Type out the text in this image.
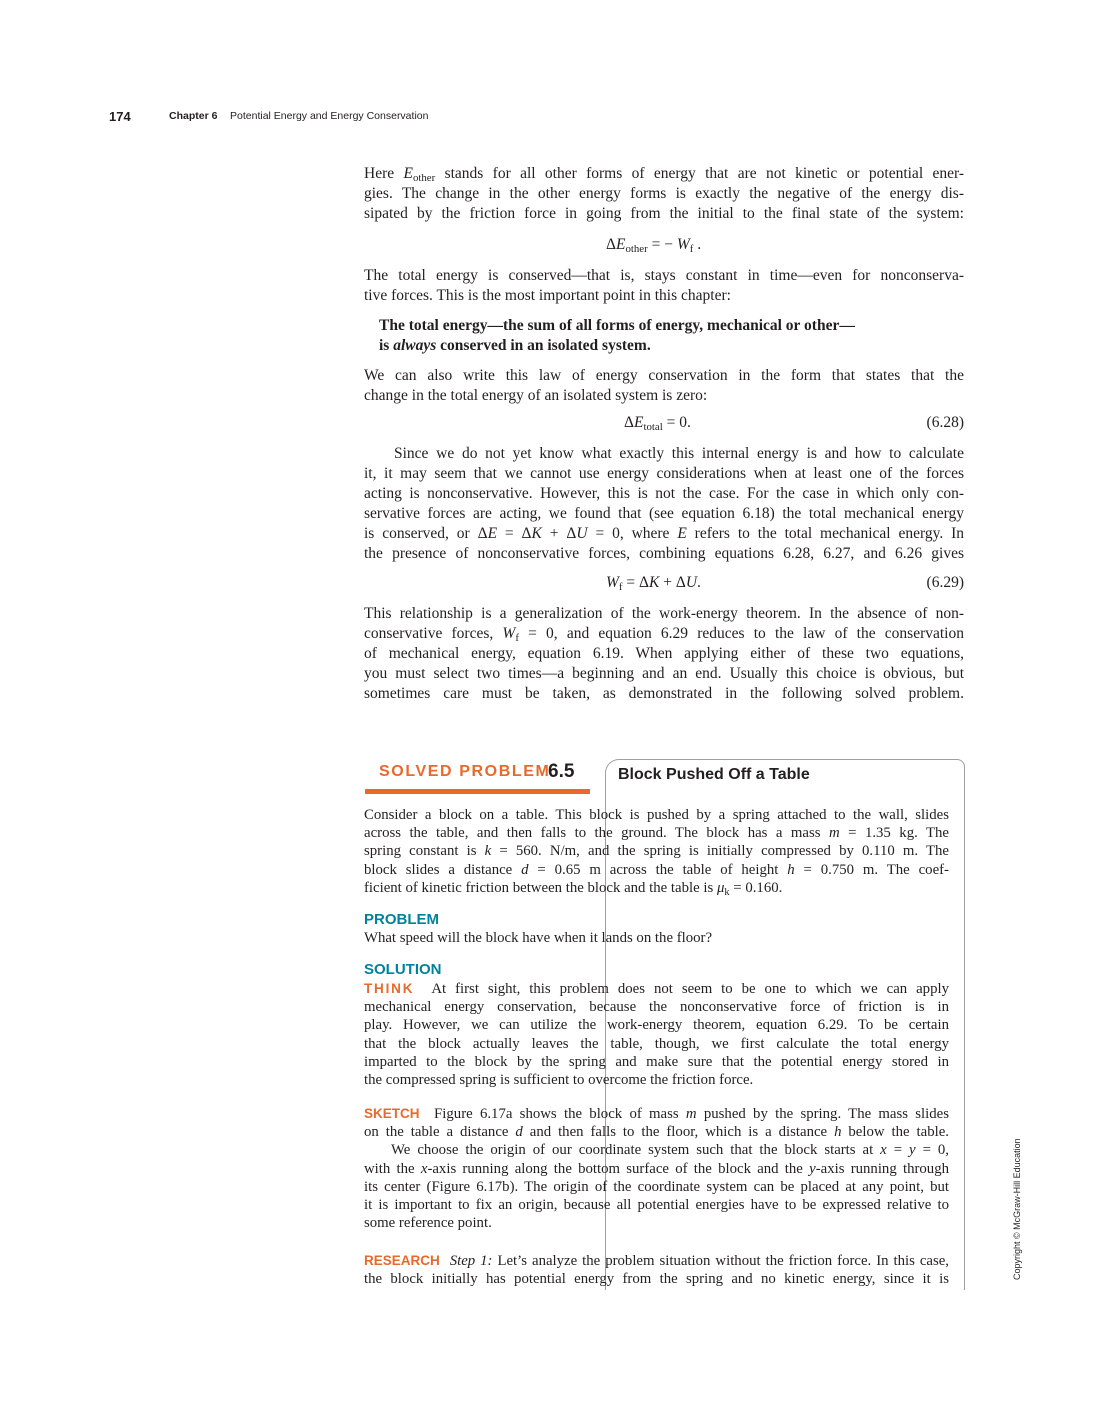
174	Chapter 6 Potential Energy and Energy Conservation
Here $E_{other}$ stands for all other forms of energy that are not kinetic or potential ener-
gies. The change in the other energy forms is exactly the negative of the energy dis-
sipated by the friction force in going from the initial to the final state of the system:
$\Delta E_{other}$ = − $W_f$ .
The total energy is conserved—that is, stays constant in time—even for nonconserva-
tive forces. This is the most important point in this chapter:
The total energy—the sum of all forms of energy, mechanical or other—
is always conserved in an isolated system.
We can also write this law of energy conservation in the form that states that the
change in the total energy of an isolated system is zero:
$\Delta E_{total} = 0$.	(6.28)
Since we do not yet know what exactly this internal energy is and how to calculate
it, it may seem that we cannot use energy considerations when at least one of the forces
acting is nonconservative. However, this is not the case. For the case in which only con-
servative forces are acting, we found that (see equation 6.18) the total mechanical energy
is conserved, or ΔE = ΔK + ΔU = 0, where E refers to the total mechanical energy. In
the presence of nonconservative forces, combining equations 6.28, 6.27, and 6.26 gives
$W_f = \Delta K + \Delta U$.	(6.29)
This relationship is a generalization of the work-energy theorem. In the absence of non-
conservative forces, $W_f = 0$, and equation 6.29 reduces to the law of the conservation
of mechanical energy, equation 6.19. When applying either of these two equations,
you must select two times—a beginning and an end. Usually this choice is obvious, but
sometimes care must be taken, as demonstrated in the following solved problem.
SOLVED PROBLEM
6.5	Block Pushed Off a Table
Consider a block on a table. This block is pushed by a spring attached to the wall, slides
across the table, and then falls to the ground. The block has a mass m = 1.35 kg. The
spring constant is k = 560. N/m, and the spring is initially compressed by 0.110 m. The
block slides a distance d = 0.65 m across the table of height h = 0.750 m. The coef-
ficient of kinetic friction between the block and the table is $\mu_k = 0.160$.
PROBLEM
What speed will the block have when it lands on the floor?
SOLUTION
THINK At first sight, this problem does not seem to be one to which we can apply
mechanical energy conservation, because the nonconservative force of friction is in
play. However, we can utilize the work-energy theorem, equation 6.29. To be certain
that the block actually leaves the table, though, we first calculate the total energy
imparted to the block by the spring and make sure that the potential energy stored in
the compressed spring is sufficient to overcome the friction force.
SKETCH  Figure 6.17a shows the block of mass m pushed by the spring. The mass slides
on the table a distance d and then falls to the floor, which is a distance h below the table.
We choose the origin of our coordinate system such that the block starts at x = y = 0,
with the x-axis running along the bottom surface of the block and the y-axis running through
its center (Figure 6.17b). The origin of the coordinate system can be placed at any point, but
it is important to fix an origin, because all potential energies have to be expressed relative to
some reference point.
RESEARCH Step 1: Let’s analyze the problem situation without the friction force. In this case,
the block initially has potential energy from the spring and no kinetic energy, since it is	Copyright © McGraw-Hill Education
